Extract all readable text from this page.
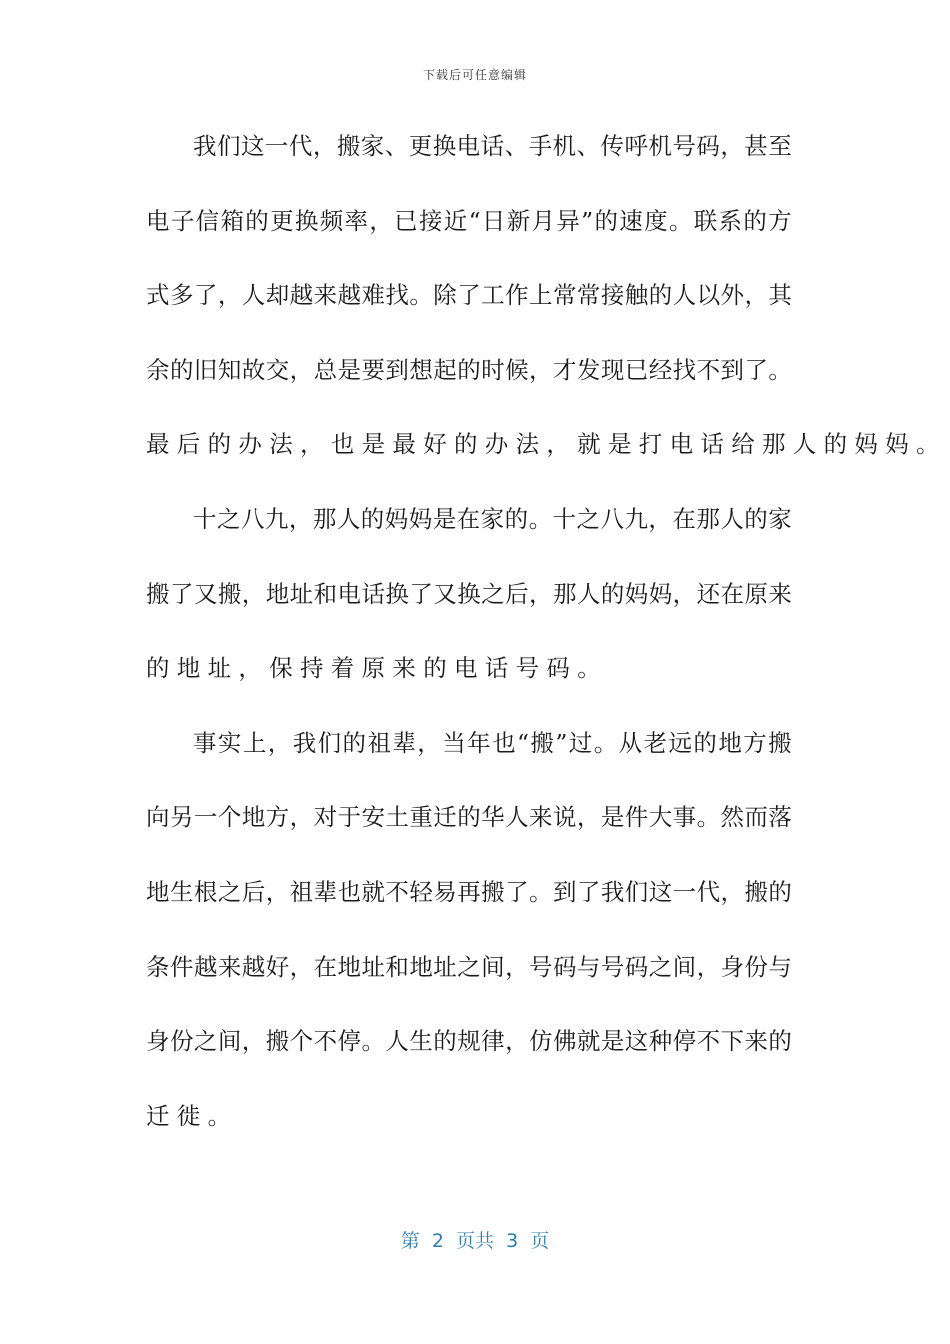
下载后可任意编辑
我 们 这 一 代 ， 搬 家 、 更 换 电 话 、 手 机 、 传 呼 机 号 码 ， 甚 至
电 子 信 箱 的 更 换 频 率 ， 已 接 近 “ 日 新 月 异 ” 的 速 度 。 联 系 的 方
式 多 了 ， 人 却 越 来 越 难 找 。 除 了 工 作 上 常 常 接 触 的 人 以 外 ， 其
余 的 旧 知 故 交 ， 总 是 要 到 想 起 的 时 候 ， 才 发 现 已 经 找 不 到 了 。
最后的办法，也是最好的办法，就是打电话给那人的妈妈。
十 之 八 九 ， 那 人 的 妈 妈 是 在 家 的 。 十 之 八 九 ， 在 那 人 的 家
搬 了 又 搬 ， 地 址 和 电 话 换 了 又 换 之 后 ， 那 人 的 妈 妈 ， 还 在 原 来
的地址，保持着原来的电话号码。
事 实 上 ， 我 们 的 祖 辈 ， 当 年 也 “ 搬 ” 过 。 从 老 远 的 地 方 搬
向 另 一 个 地 方 ， 对 于 安 土 重 迁 的 华 人 来 说 ， 是 件 大 事 。 然 而 落
地 生 根 之 后 ， 祖 辈 也 就 不 轻 易 再 搬 了 。 到 了 我 们 这 一 代 ， 搬 的
条 件 越 来 越 好 ， 在 地 址 和 地 址 之 间 ， 号 码 与 号 码 之 间 ， 身 份 与
身 份 之 间 ， 搬 个 不 停 。 人 生 的 规 律 ， 仿 佛 就 是 这 种 停 不 下 来 的
迁徙。
第  2  页共  3  页
